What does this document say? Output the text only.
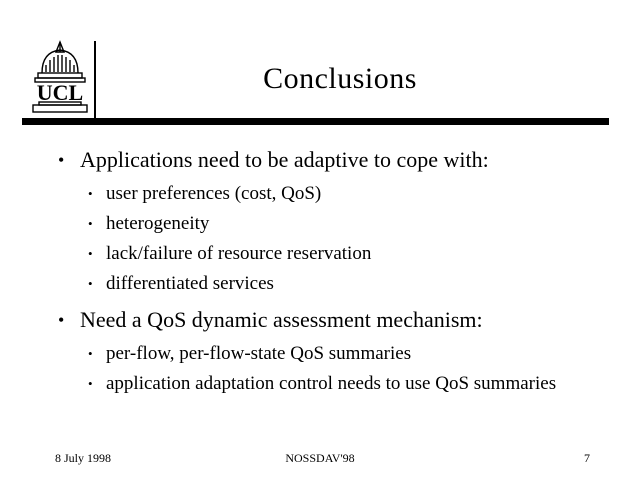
UCL	Conclusions
• Applications need to be adaptive to cope with:
• user preferences (cost, QoS)
• heterogeneity
• lack/failure of resource reservation
• differentiated services
• Need a QoS dynamic assessment mechanism:
• per-flow, per-flow-state QoS summaries
• application adaptation control needs to use QoS summaries
8 July 1998	NOSSDAV'98	7
